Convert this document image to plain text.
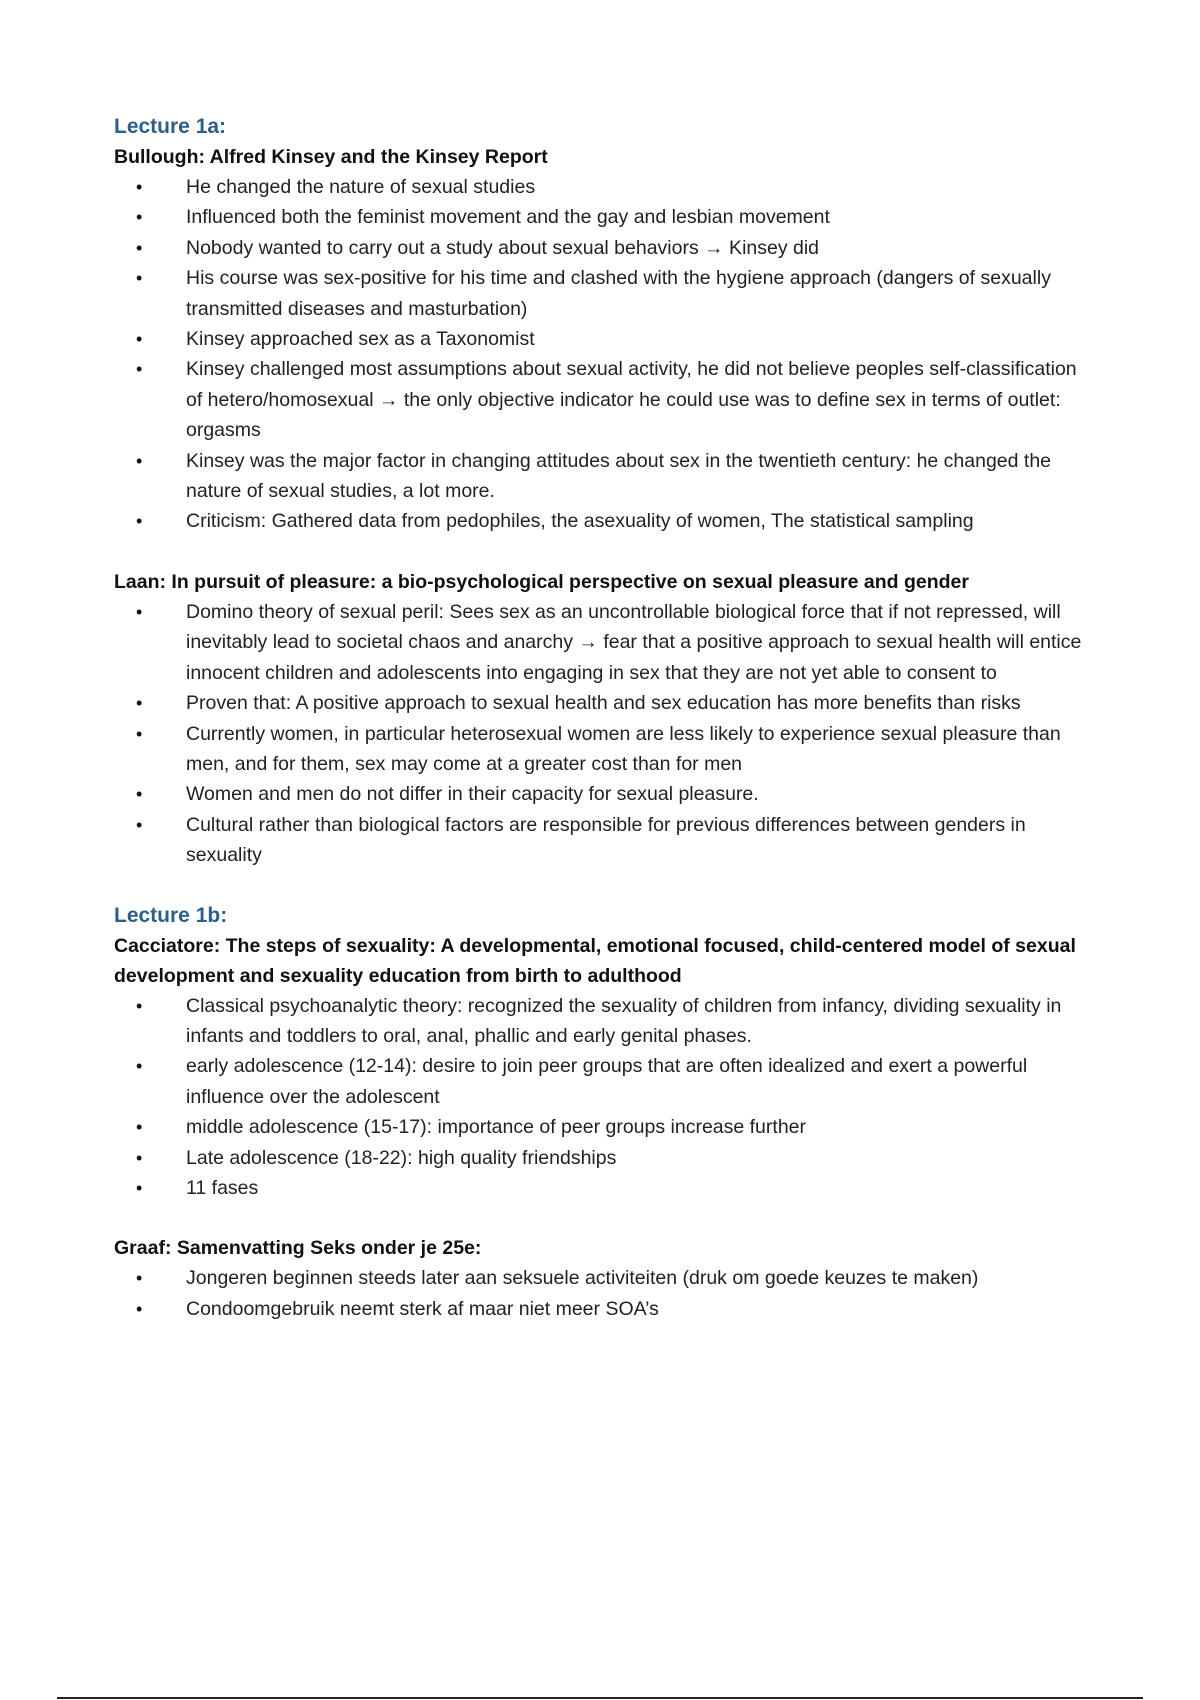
Lecture 1a:
Bullough: Alfred Kinsey and the Kinsey Report
• He changed the nature of sexual studies
• Influenced both the feminist movement and the gay and lesbian movement
• Nobody wanted to carry out a study about sexual behaviors → Kinsey did
• His course was sex-positive for his time and clashed with the hygiene approach (dangers of sexually transmitted diseases and masturbation)
• Kinsey approached sex as a Taxonomist
• Kinsey challenged most assumptions about sexual activity, he did not believe peoples self-classification of hetero/homosexual → the only objective indicator he could use was to define sex in terms of outlet: orgasms
• Kinsey was the major factor in changing attitudes about sex in the twentieth century: he changed the nature of sexual studies, a lot more.
• Criticism: Gathered data from pedophiles, the asexuality of women, The statistical sampling
Laan: In pursuit of pleasure: a bio-psychological perspective on sexual pleasure and gender
• Domino theory of sexual peril: Sees sex as an uncontrollable biological force that if not repressed, will inevitably lead to societal chaos and anarchy → fear that a positive approach to sexual health will entice innocent children and adolescents into engaging in sex that they are not yet able to consent to
• Proven that: A positive approach to sexual health and sex education has more benefits than risks
• Currently women, in particular heterosexual women are less likely to experience sexual pleasure than men, and for them, sex may come at a greater cost than for men
• Women and men do not differ in their capacity for sexual pleasure.
• Cultural rather than biological factors are responsible for previous differences between genders in sexuality
Lecture 1b:
Cacciatore: The steps of sexuality: A developmental, emotional focused, child-centered model of sexual development and sexuality education from birth to adulthood
• Classical psychoanalytic theory: recognized the sexuality of children from infancy, dividing sexuality in infants and toddlers to oral, anal, phallic and early genital phases.
• early adolescence (12-14): desire to join peer groups that are often idealized and exert a powerful influence over the adolescent
• middle adolescence (15-17): importance of peer groups increase further
• Late adolescence (18-22): high quality friendships
• 11 fases
Graaf: Samenvatting Seks onder je 25e:
• Jongeren beginnen steeds later aan seksuele activiteiten (druk om goede keuzes te maken)
• Condoomgebruik neemt sterk af maar niet meer SOA’s
